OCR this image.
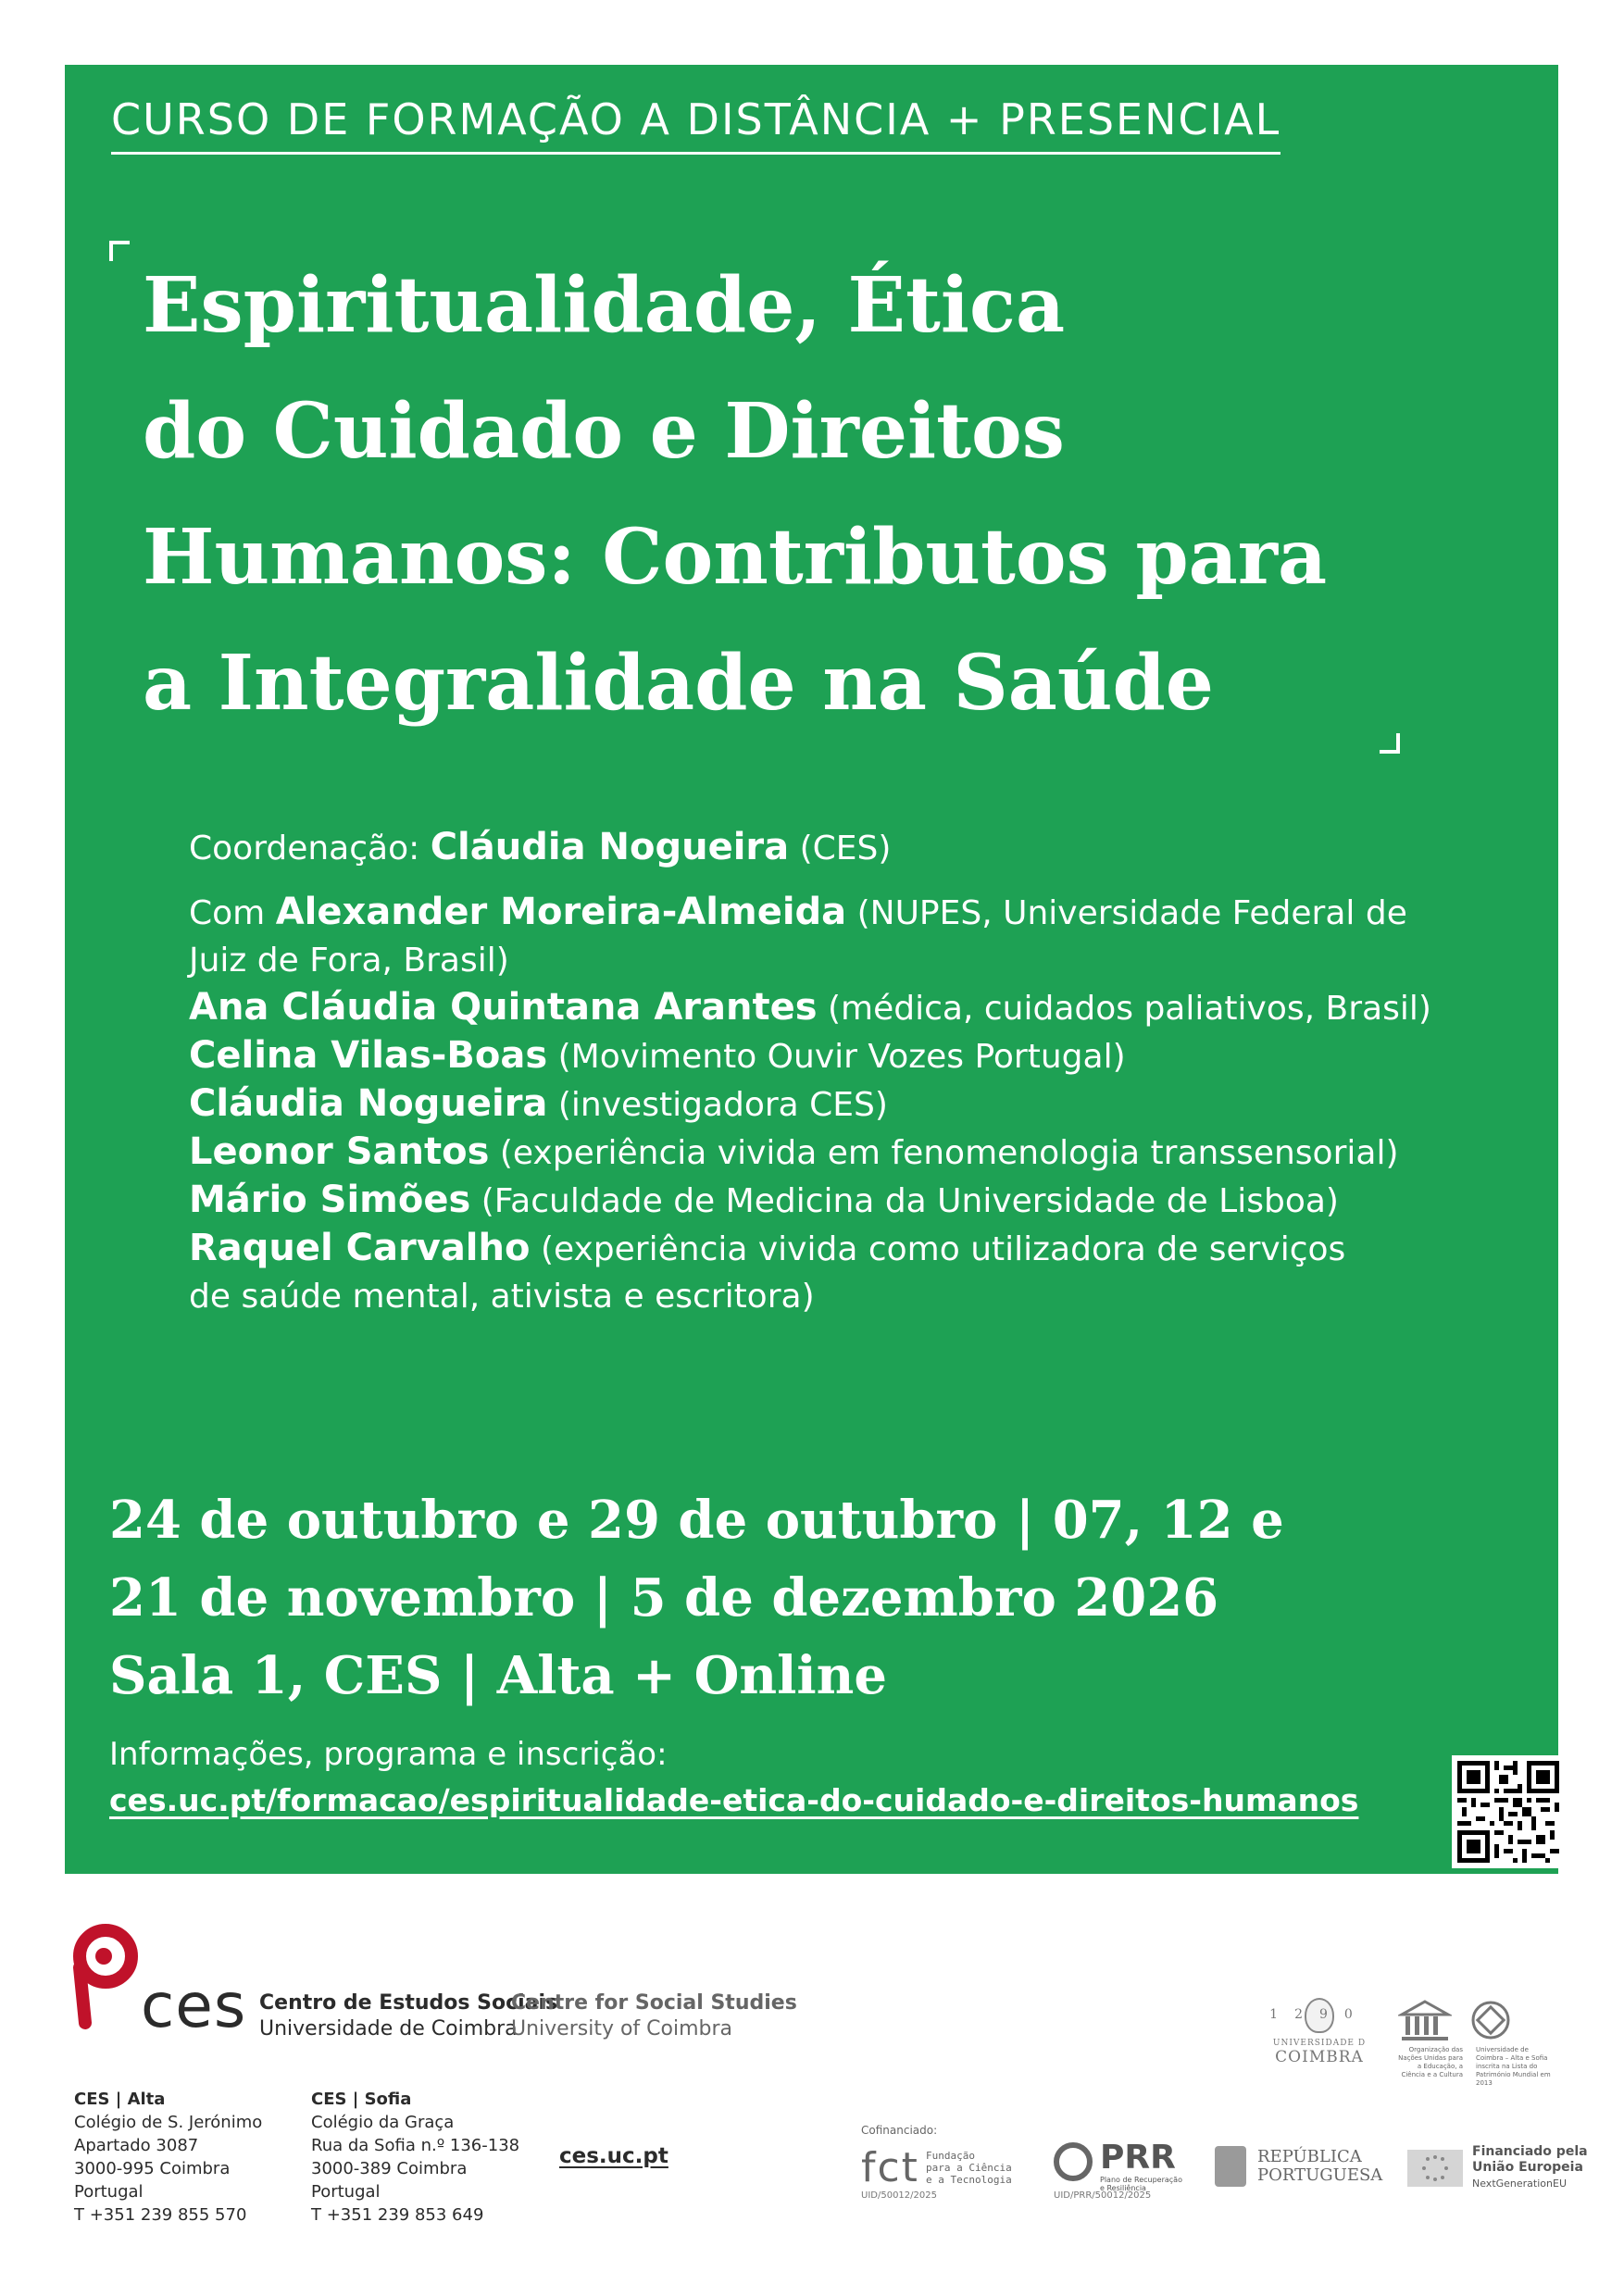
CURSO DE FORMAÇÃO A DISTÂNCIA + PRESENCIAL
Espiritualidade, Ética
do Cuidado e Direitos
Humanos: Contributos para
a Integralidade na Saúde
Coordenação: Cláudia Nogueira (CES)
Com Alexander Moreira-Almeida (NUPES, Universidade Federal de
Juiz de Fora, Brasil)
Ana Cláudia Quintana Arantes (médica, cuidados paliativos, Brasil)
Celina Vilas-Boas (Movimento Ouvir Vozes Portugal)
Cláudia Nogueira (investigadora CES)
Leonor Santos (experiência vivida em fenomenologia transsensorial)
Mário Simões (Faculdade de Medicina da Universidade de Lisboa)
Raquel Carvalho (experiência vivida como utilizadora de serviços
de saúde mental, ativista e escritora)
24 de outubro e 29 de outubro | 07, 12 e
21 de novembro | 5 de dezembro 2026
Sala 1, CES | Alta + Online
Informações, programa e inscrição:
ces.uc.pt/formacao/espiritualidade-etica-do-cuidado-e-direitos-humanos
ces Centro de Estudos Sociais
Universidade de Coimbra
Centre for Social Studies
University of Coimbra
CES | Alta
Colégio de S. Jerónimo
Apartado 3087
3000-995 Coimbra
Portugal
T +351 239 855 570
CES | Sofia
Colégio da Graça
Rua da Sofia n.º 136-138
3000-389 Coimbra
Portugal
T +351 239 853 649
ces.uc.pt
1290
UNIVERSIDADE D
COIMBRA	Organização das Nações Unidas para a Educação, a Ciência e a Cultura
Universidade de Coimbra – Alta e Sofia inscrita na Lista do Património Mundial em 2013
Cofinanciado:
fct Fundação
para a Ciência
e a Tecnologia
UID/50012/2025
PRR
Plano de Recuperação
e Resiliência
UID/PRR/50012/2025
REPÚBLICA
PORTUGUESA
Financiado pela
União Europeia
NextGenerationEU
